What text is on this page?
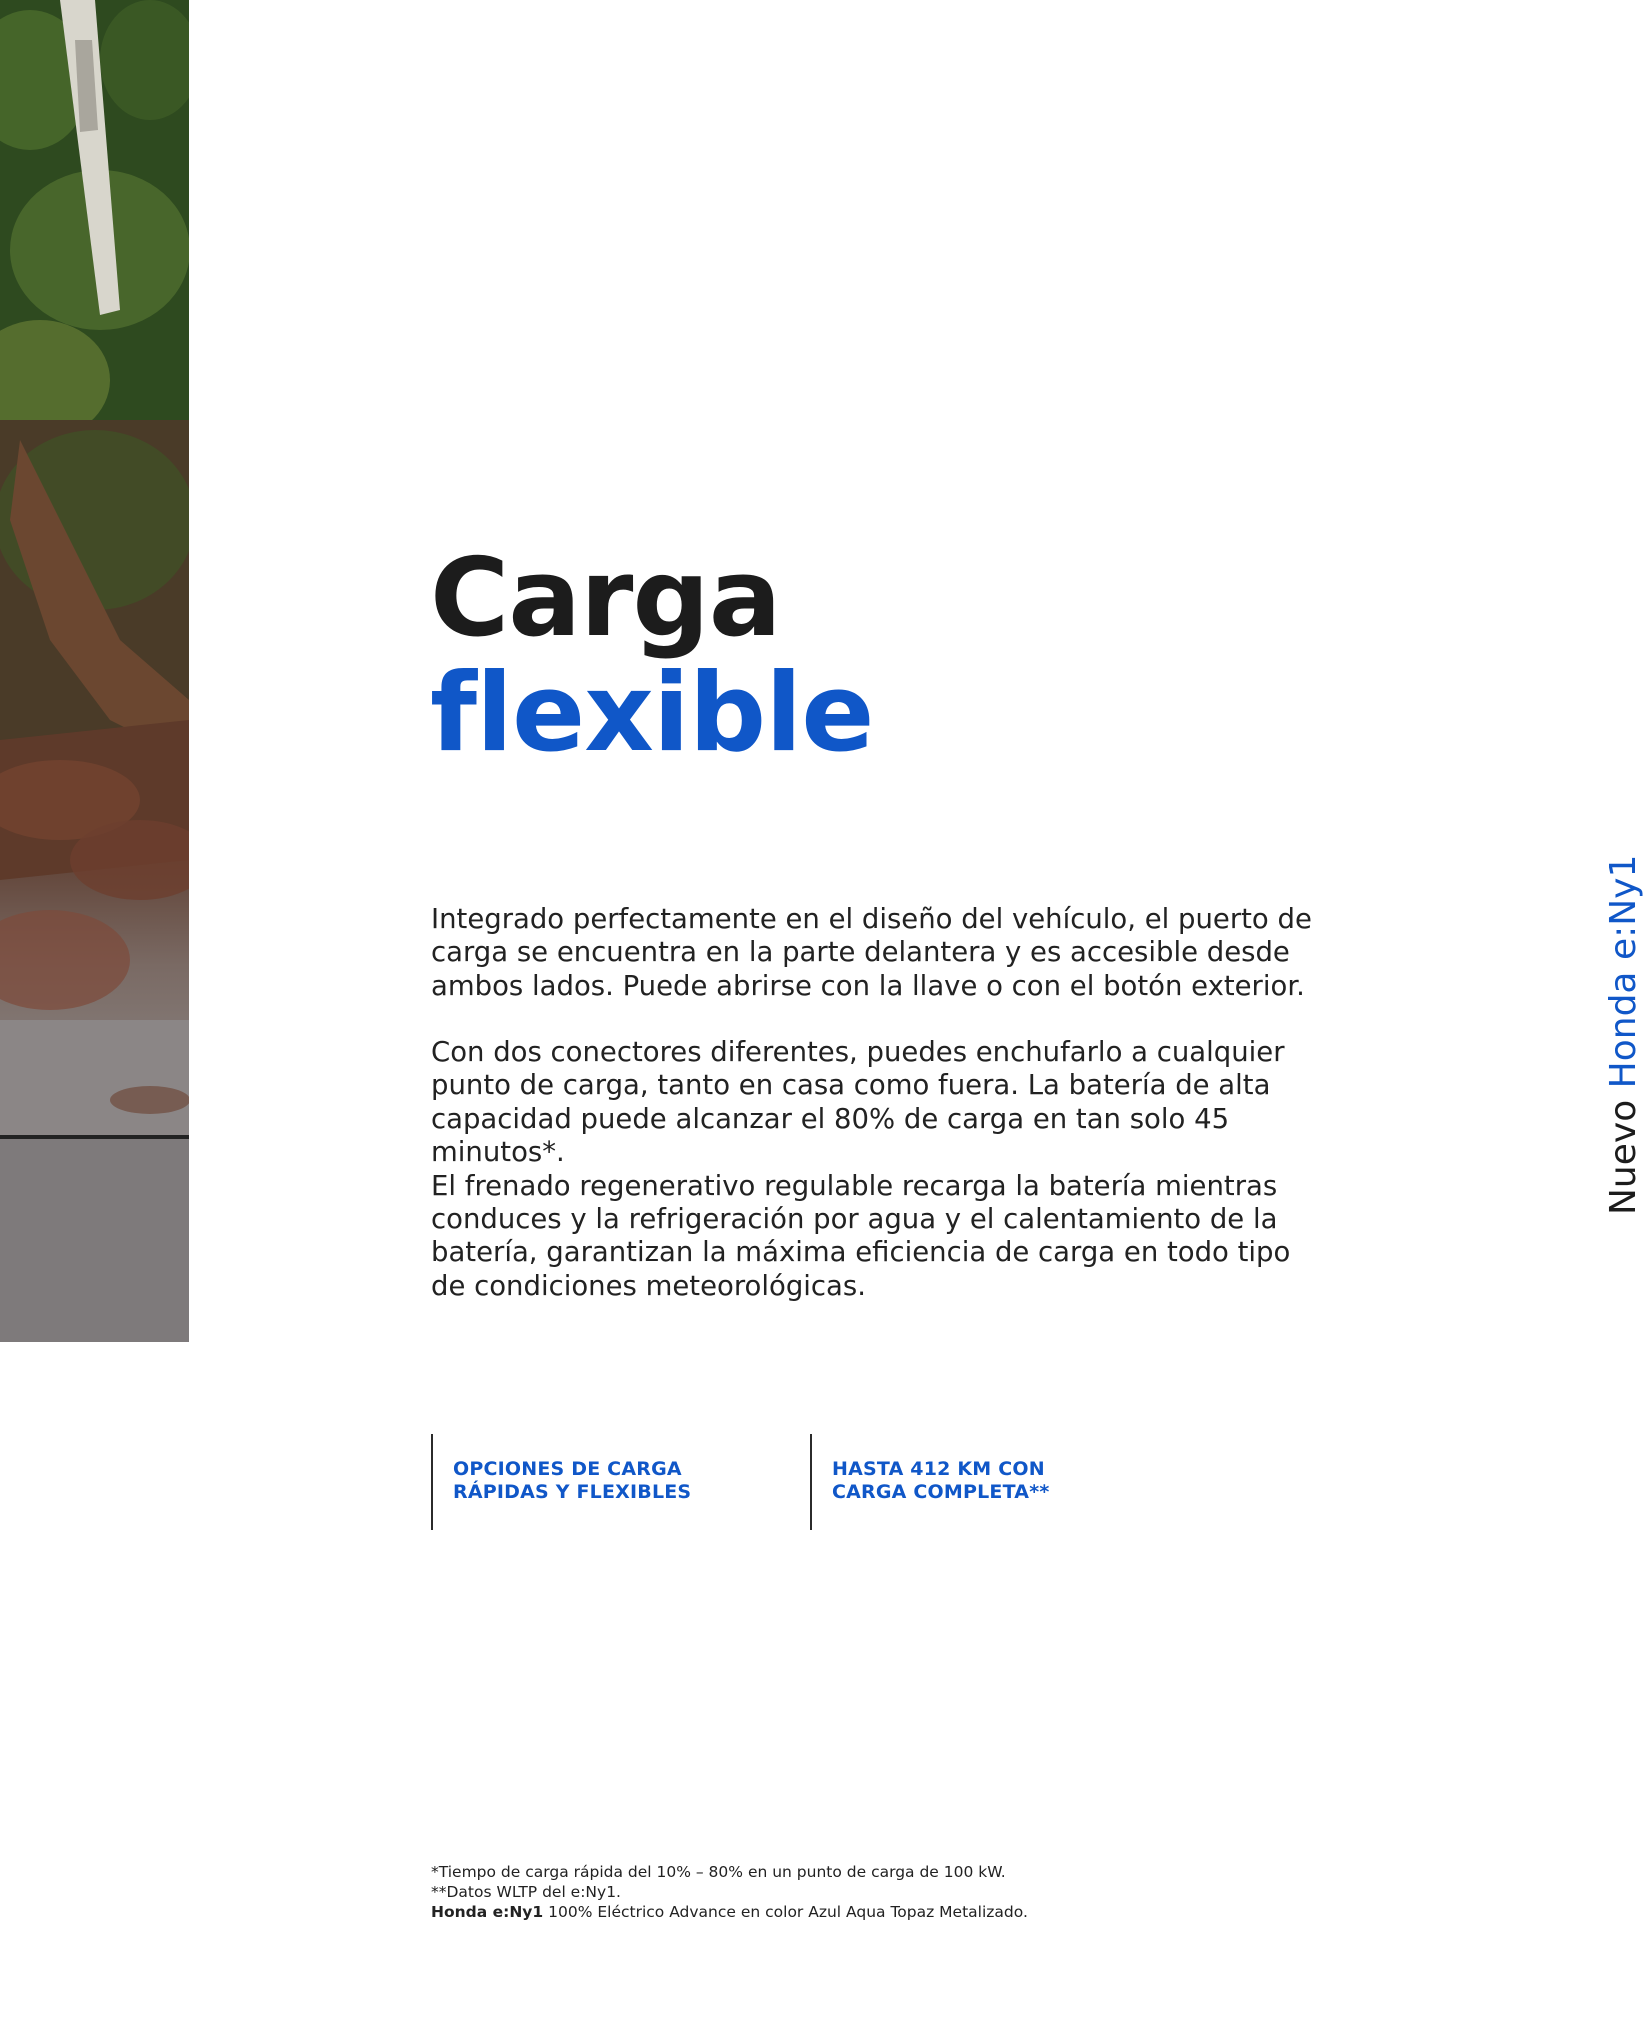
Carga
flexible

Integrado perfectamente en el diseño del vehículo, el puerto de
carga se encuentra en la parte delantera y es accesible desde
ambos lados. Puede abrirse con la llave o con el botón exterior.

Con dos conectores diferentes, puedes enchufarlo a cualquier
punto de carga, tanto en casa como fuera. La batería de alta
capacidad puede alcanzar el 80% de carga en tan solo 45 minutos*.
El frenado regenerativo regulable recarga la batería mientras
conduces y la refrigeración por agua y el calentamiento de la
batería, garantizan la máxima eficiencia de carga en todo tipo
de condiciones meteorológicas.

OPCIONES DE CARGA
RÁPIDAS Y FLEXIBLES

HASTA 412 KM CON
CARGA COMPLETA**

Nuevo Honda e:Ny1

*Tiempo de carga rápida del 10% – 80% en un punto de carga de 100 kW.

**Datos WLTP del e:Ny1.

Honda e:Ny1 100% Eléctrico Advance en color Azul Aqua Topaz Metalizado.
